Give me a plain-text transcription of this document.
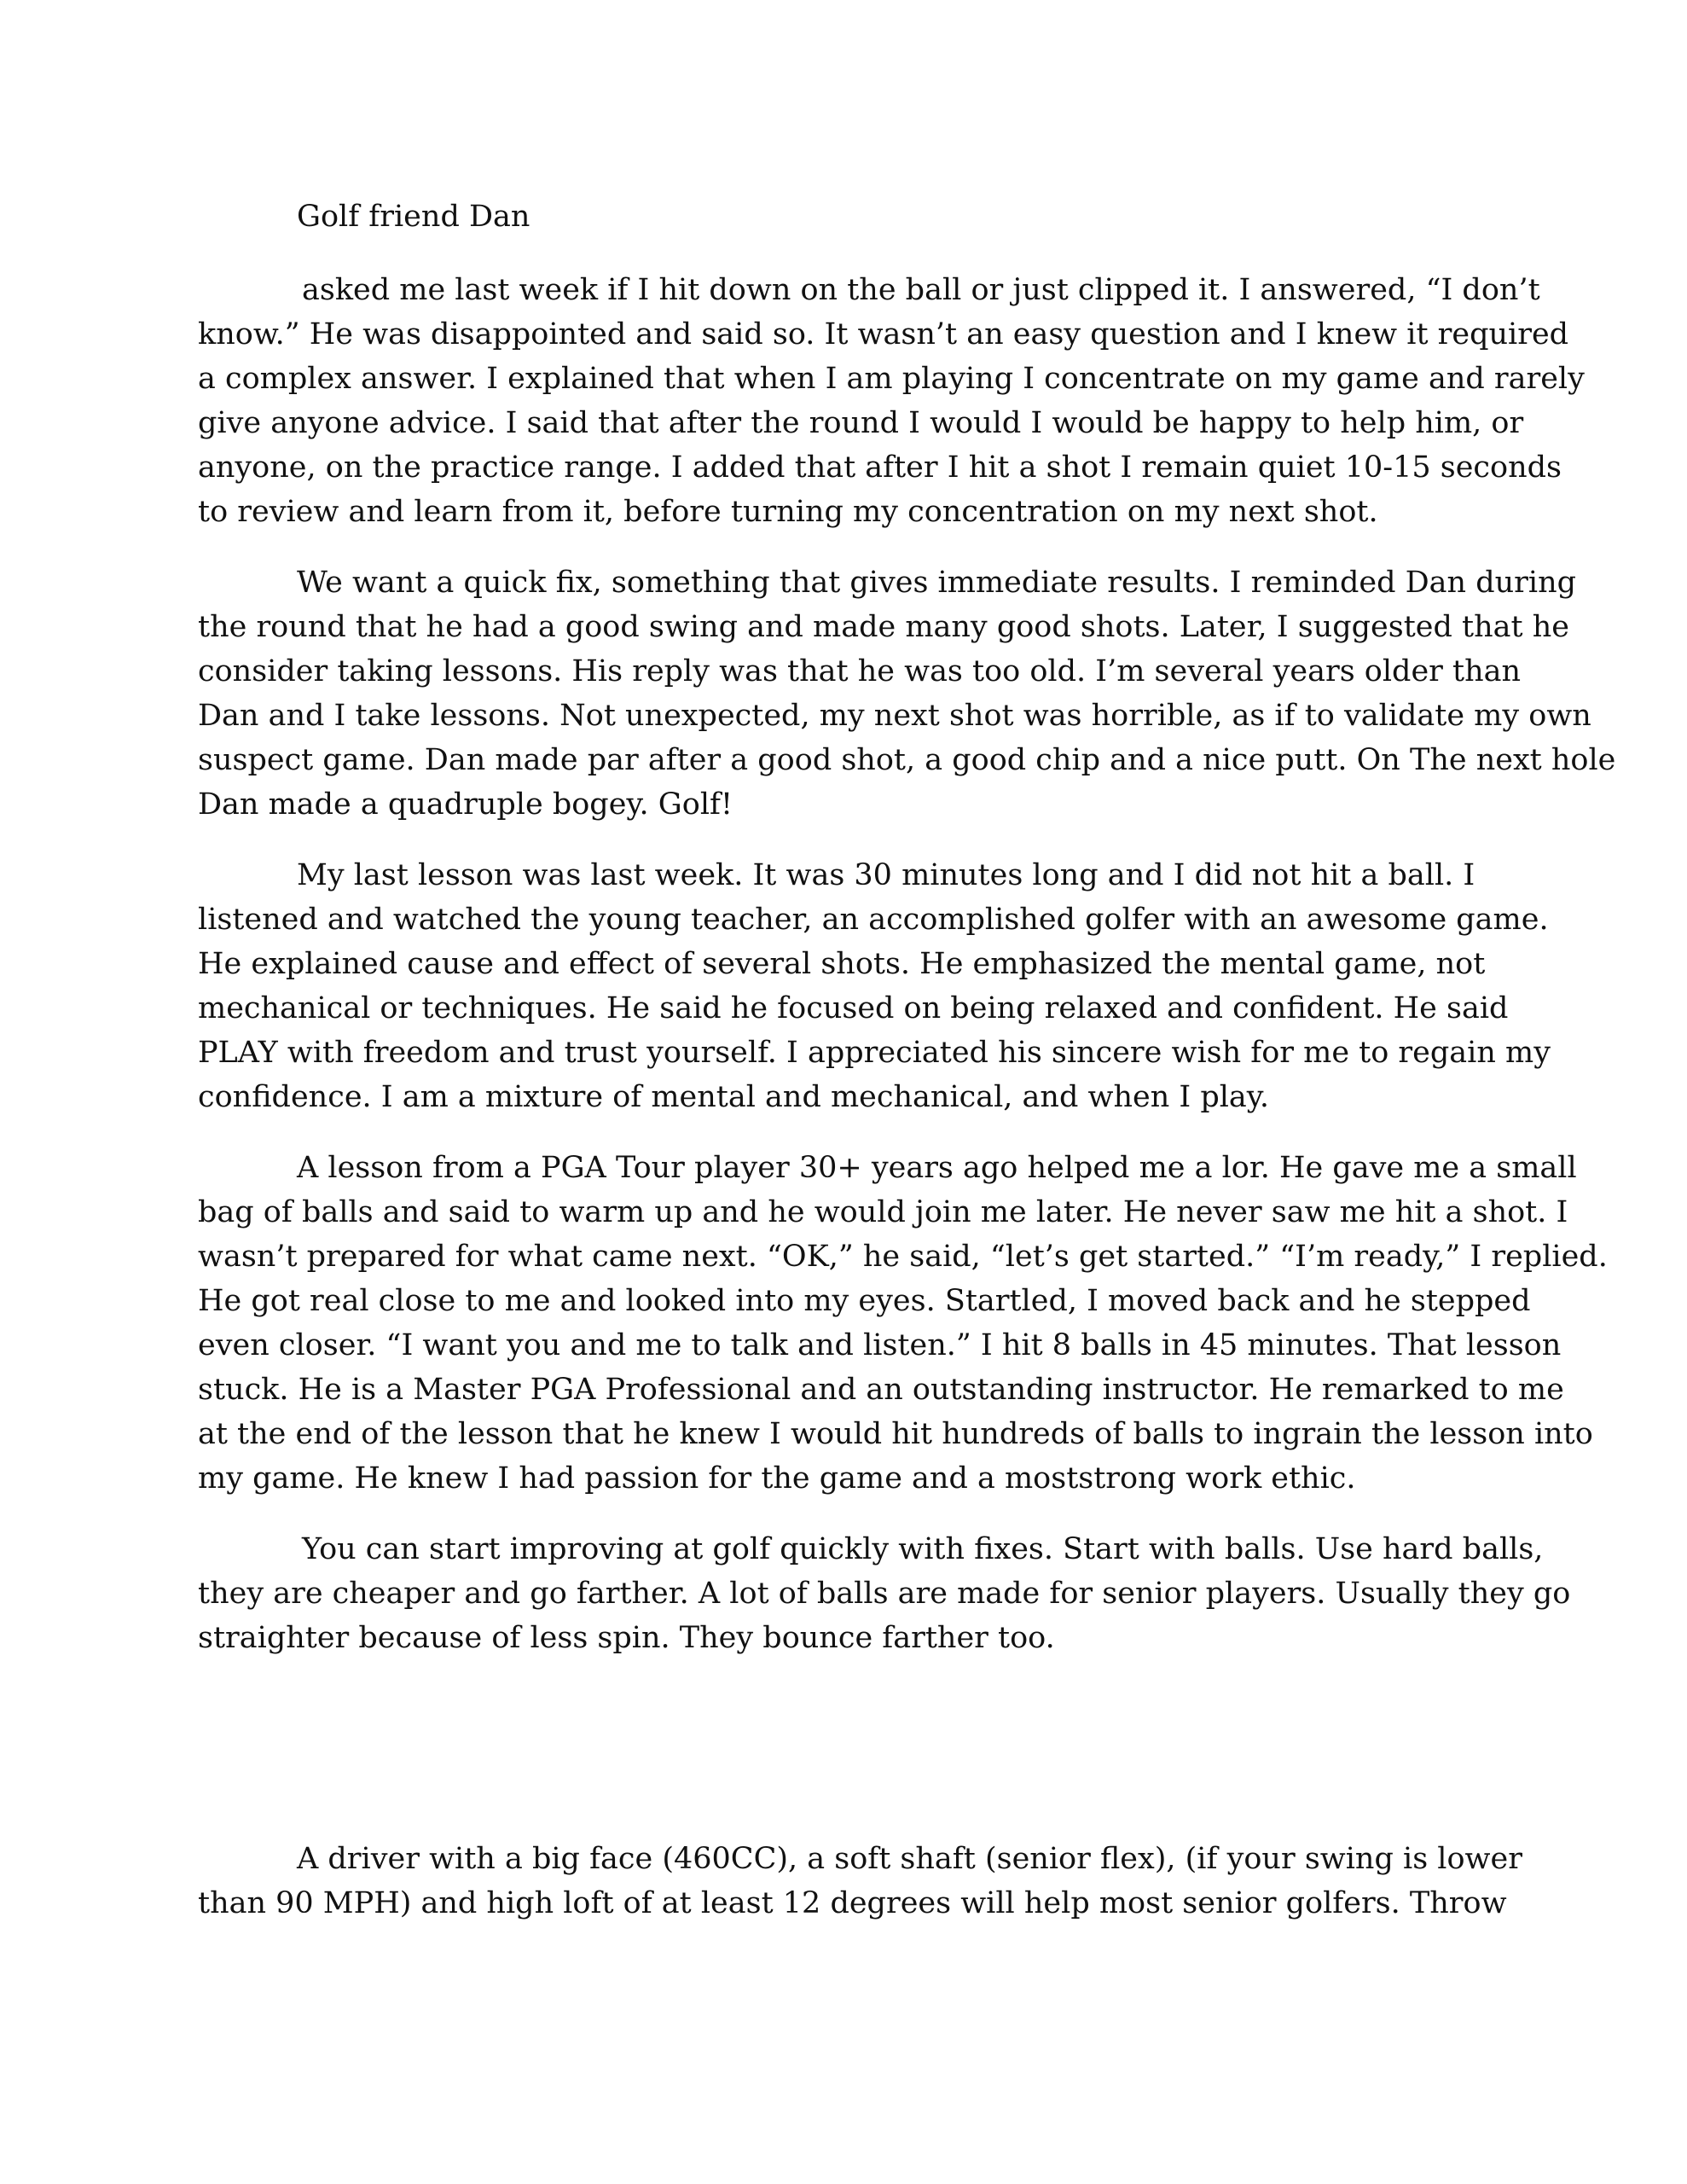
Golf friend Dan

asked me last week if I hit down on the ball or just clipped it. I answered, “I don’t

know.” He was disappointed and said so. It wasn’t an easy question and I knew it required

a complex answer. I explained that when I am playing I concentrate on my game and rarely

give anyone advice. I said that after the round I would I would be happy to help him, or

anyone, on the practice range. I added that after I hit a shot I remain quiet 10-15 seconds

to review and learn from it, before turning my concentration on my next shot.

We want a quick fix, something that gives immediate results. I reminded Dan during

the round that he had a good swing and made many good shots. Later, I suggested that he

consider taking lessons. His reply was that he was too old. I’m several years older than

Dan and I take lessons. Not unexpected, my next shot was horrible, as if to validate my own

suspect game. Dan made par after a good shot, a good chip and a nice putt. On The next hole

Dan made a quadruple bogey. Golf!

My last lesson was last week. It was 30 minutes long and I did not hit a ball. I

listened and watched the young teacher, an accomplished golfer with an awesome game.

He explained cause and effect of several shots. He emphasized the mental game, not

mechanical or techniques. He said he focused on being relaxed and confident. He said

PLAY with freedom and trust yourself. I appreciated his sincere wish for me to regain my

confidence. I am a mixture of mental and mechanical, and when I play.

A lesson from a PGA Tour player 30+ years ago helped me a lor. He gave me a small

bag of balls and said to warm up and he would join me later. He never saw me hit a shot. I

wasn’t prepared for what came next. “OK,” he said, “let’s get started.” “I’m ready,” I replied.

He got real close to me and looked into my eyes. Startled, I moved back and he stepped

even closer. “I want you and me to talk and listen.” I hit 8 balls in 45 minutes. That lesson

stuck. He is a Master PGA Professional and an outstanding instructor. He remarked to me

at the end of the lesson that he knew I would hit hundreds of balls to ingrain the lesson into

my game. He knew I had passion for the game and a moststrong work ethic.

You can start improving at golf quickly with fixes. Start with balls. Use hard balls,

they are cheaper and go farther. A lot of balls are made for senior players. Usually they go

straighter because of less spin. They bounce farther too.

A driver with a big face (460CC), a soft shaft (senior flex), (if your swing is lower

than 90 MPH) and high loft of at least 12 degrees will help most senior golfers. Throw
